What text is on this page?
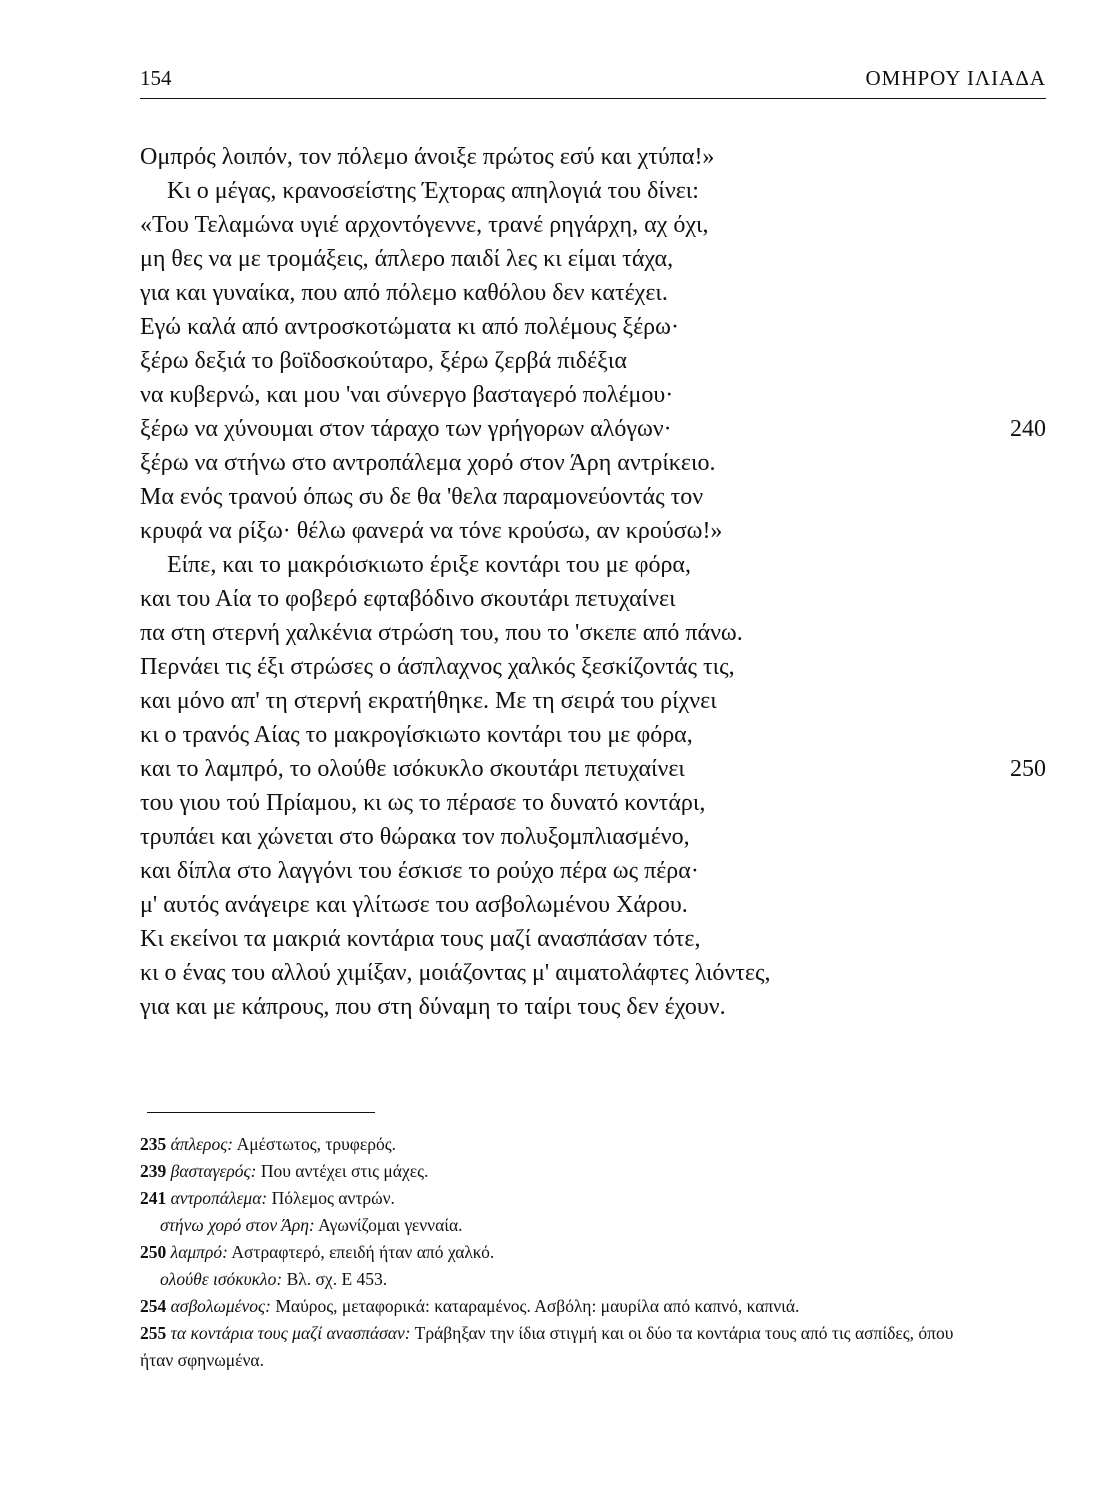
154	ΟΜΗΡΟΥ ΙΛΙΑΔΑ
Ομπρός λοιπόν, τον πόλεμο άνοιξε πρώτος εσύ και χτύπα!»
Κι ο μέγας, κρανοσείστης Έχτορας απηλογιά του δίνει:
«Του Τελαμώνα υγιέ αρχοντόγεννε, τρανέ ρηγάρχη, αχ όχι,
μη θες να με τρομάξεις, άπλερο παιδί λες κι είμαι τάχα,
για και γυναίκα, που από πόλεμο καθόλου δεν κατέχει.
Εγώ καλά από αντροσκοτώματα κι από πολέμους ξέρω·
ξέρω δεξιά το βοϊδοσκούταρο, ξέρω ζερβά πιδέξια
να κυβερνώ, και μου 'ναι σύνεργο βασταγερό πολέμου·
ξέρω να χύνουμαι στον τάραχο των γρήγορων αλόγων·	240
ξέρω να στήνω στο αντροπάλεμα χορό στον Άρη αντρίκειο.
Μα ενός τρανού όπως συ δε θα 'θελα παραμονεύοντάς τον
κρυφά να ρίξω· θέλω φανερά να τόνε κρούσω, αν κρούσω!»
Είπε, και το μακρόισκιωτο έριξε κοντάρι του με φόρα,
και του Αία το φοβερό εφταβόδινο σκουτάρι πετυχαίνει
πα στη στερνή χαλκένια στρώση του, που το 'σκεπε από πάνω.
Περνάει τις έξι στρώσες ο άσπλαχνος χαλκός ξεσκίζοντάς τις,
και μόνο απ' τη στερνή εκρατήθηκε. Με τη σειρά του ρίχνει
κι ο τρανός Αίας το μακρογίσκιωτο κοντάρι του με φόρα,
και το λαμπρό, το ολούθε ισόκυκλο σκουτάρι πετυχαίνει	250
του γιου τού Πρίαμου, κι ως το πέρασε το δυνατό κοντάρι,
τρυπάει και χώνεται στο θώρακα τον πολυξομπλιασμένο,
και δίπλα στο λαγγόνι του έσκισε το ρούχο πέρα ως πέρα·
μ' αυτός ανάγειρε και γλίτωσε του ασβολωμένου Χάρου.
Κι εκείνοι τα μακριά κοντάρια τους μαζί ανασπάσαν τότε,
κι ο ένας του αλλού χιμίξαν, μοιάζοντας μ' αιματολάφτες λιόντες,
για και με κάπρους, που στη δύναμη το ταίρι τους δεν έχουν.

235 άπλερος: Αμέστωτος, τρυφερός.

239 βασταγερός: Που αντέχει στις μάχες.

241 αντροπάλεμα: Πόλεμος αντρών.

στήνω χορό στον Άρη: Αγωνίζομαι γενναία.

250 λαμπρό: Αστραφτερό, επειδή ήταν από χαλκό.

ολούθε ισόκυκλο: Βλ. σχ. Ε 453.

254 ασβολωμένος: Μαύρος, μεταφορικά: καταραμένος. Ασβόλη: μαυρίλα από καπνό, καπνιά.

255 τα κοντάρια τους μαζί ανασπάσαν: Τράβηξαν την ίδια στιγμή και οι δύο τα κοντάρια τους από τις ασπίδες, όπου ήταν σφηνωμένα.
